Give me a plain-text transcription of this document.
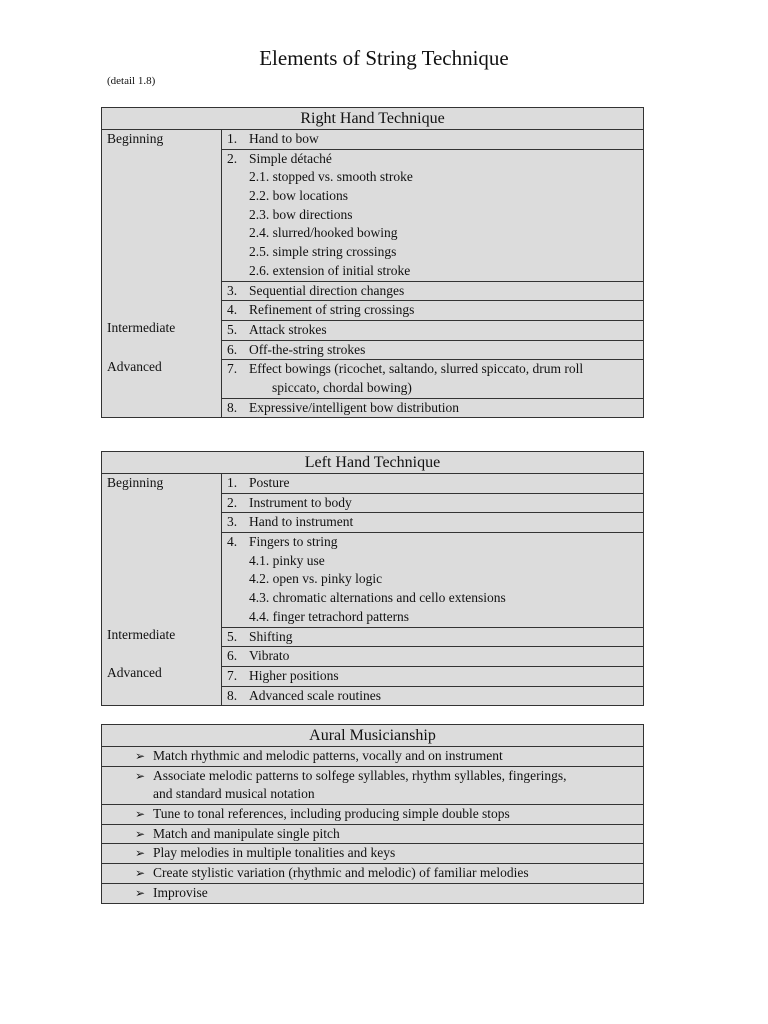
Elements of String Technique
(detail 1.8)
Right Hand Technique
Beginning
Intermediate
Advanced
1. Hand to bow
2. Simple détaché
2.1. stopped vs. smooth stroke
2.2. bow locations
2.3. bow directions
2.4. slurred/hooked bowing
2.5. simple string crossings
2.6. extension of initial stroke
3. Sequential direction changes
4. Refinement of string crossings
5. Attack strokes
6. Off-the-string strokes
7. Effect bowings (ricochet, saltando, slurred spiccato, drum roll
spiccato, chordal bowing)
8. Expressive/intelligent bow distribution
Left Hand Technique
Beginning
Intermediate
Advanced
1. Posture
2. Instrument to body
3. Hand to instrument
4. Fingers to string
4.1. pinky use
4.2. open vs. pinky logic
4.3. chromatic alternations and cello extensions
4.4. finger tetrachord patterns
5. Shifting
6. Vibrato
7. Higher positions
8. Advanced scale routines
Aural Musicianship
➢ Match rhythmic and melodic patterns, vocally and on instrument
➢ Associate melodic patterns to solfege syllables, rhythm syllables, fingerings,
and standard musical notation
➢ Tune to tonal references, including producing simple double stops
➢ Match and manipulate single pitch
➢ Play melodies in multiple tonalities and keys
➢ Create stylistic variation (rhythmic and melodic) of familiar melodies
➢ Improvise
